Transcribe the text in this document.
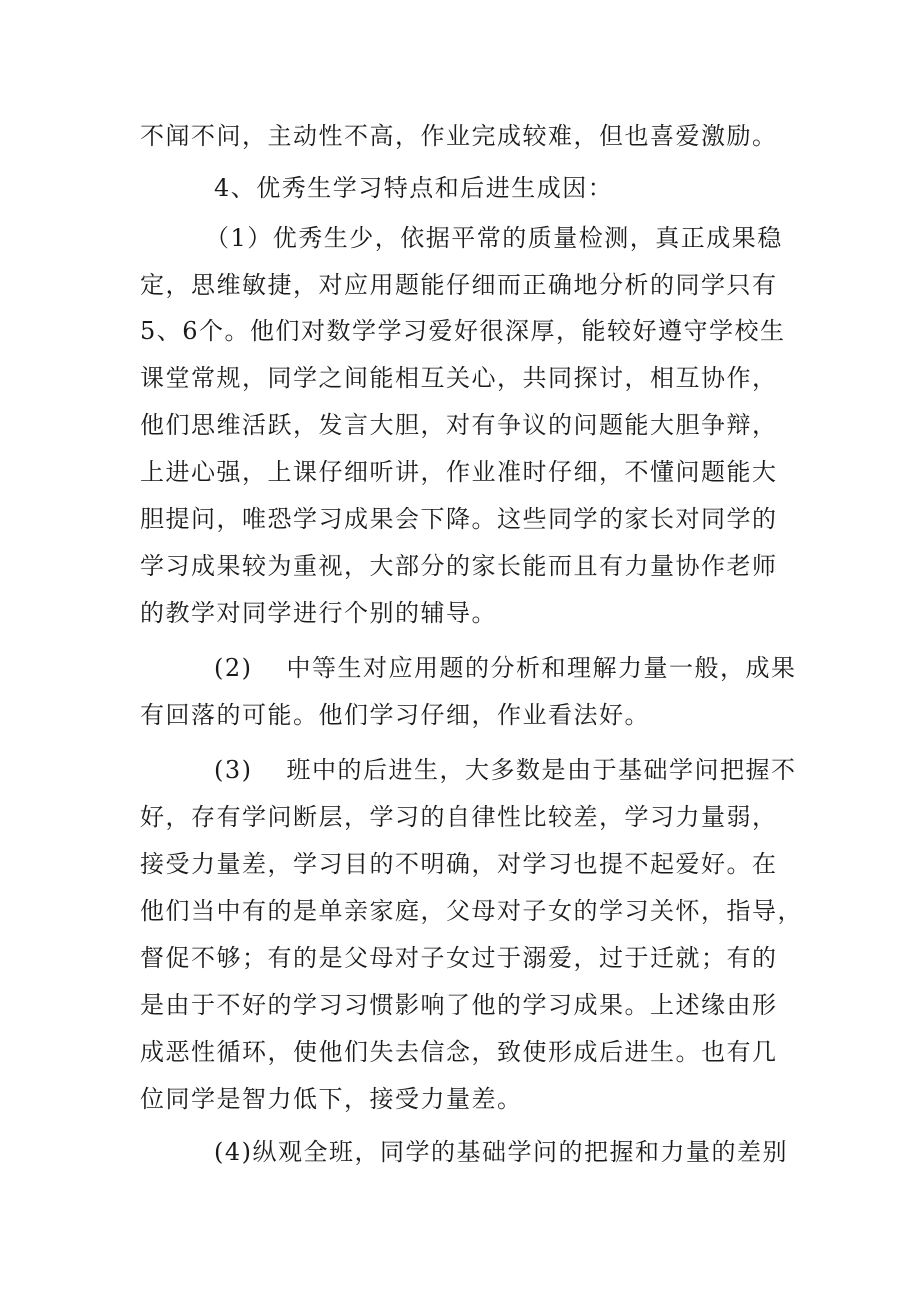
不闻不问，主动性不高，作业完成较难，但也喜爱激励。
4、优秀生学习特点和后进生成因：
（1）优秀生少，依据平常的质量检测，真正成果稳
定，思维敏捷，对应用题能仔细而正确地分析的同学只有
5、6个。他们对数学学习爱好很深厚，能较好遵守学校生
课堂常规，同学之间能相互关心，共同探讨，相互协作，
他们思维活跃，发言大胆，对有争议的问题能大胆争辩，
上进心强，上课仔细听讲，作业准时仔细，不懂问题能大
胆提问，唯恐学习成果会下降。这些同学的家长对同学的
学习成果较为重视，大部分的家长能而且有力量协作老师
的教学对同学进行个别的辅导。
(2) 中等生对应用题的分析和理解力量一般，成果
有回落的可能。他们学习仔细，作业看法好。
(3) 班中的后进生，大多数是由于基础学问把握不
好，存有学问断层，学习的自律性比较差，学习力量弱，
接受力量差，学习目的不明确，对学习也提不起爱好。在
他们当中有的是单亲家庭，父母对子女的学习关怀，指导，
督促不够；有的是父母对子女过于溺爱，过于迁就；有的
是由于不好的学习习惯影响了他的学习成果。上述缘由形
成恶性循环，使他们失去信念，致使形成后进生。也有几
位同学是智力低下，接受力量差。
(4)纵观全班，同学的基础学问的把握和力量的差别
